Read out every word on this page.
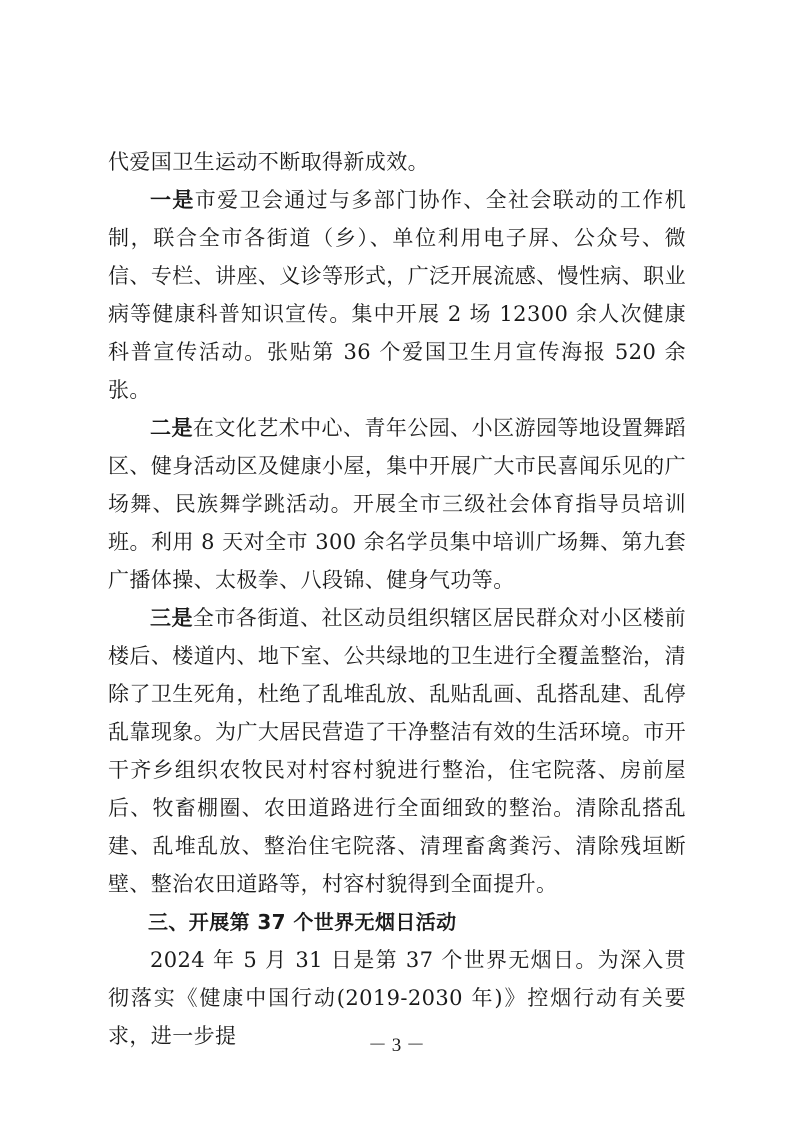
代爱国卫生运动不断取得新成效。

一是市爱卫会通过与多部门协作、全社会联动的工作机制，联合全市各街道（乡）、单位利用电子屏、公众号、微信、专栏、讲座、义诊等形式，广泛开展流感、慢性病、职业病等健康科普知识宣传。集中开展 2 场 12300 余人次健康科普宣传活动。张贴第 36 个爱国卫生月宣传海报 520 余张。

二是在文化艺术中心、青年公园、小区游园等地设置舞蹈区、健身活动区及健康小屋，集中开展广大市民喜闻乐见的广场舞、民族舞学跳活动。开展全市三级社会体育指导员培训班。利用 8 天对全市 300 余名学员集中培训广场舞、第九套广播体操、太极拳、八段锦、健身气功等。

三是全市各街道、社区动员组织辖区居民群众对小区楼前楼后、楼道内、地下室、公共绿地的卫生进行全覆盖整治，清除了卫生死角，杜绝了乱堆乱放、乱贴乱画、乱搭乱建、乱停乱靠现象。为广大居民营造了干净整洁有效的生活环境。市开干齐乡组织农牧民对村容村貌进行整治，住宅院落、房前屋后、牧畜棚圈、农田道路进行全面细致的整治。清除乱搭乱建、乱堆乱放、整治住宅院落、清理畜禽粪污、清除残垣断壁、整治农田道路等，村容村貌得到全面提升。

三、开展第 37 个世界无烟日活动

2024 年 5 月 31 日是第 37 个世界无烟日。为深入贯彻落实《健康中国行动(2019-2030 年)》控烟行动有关要求，进一步提	－ 3 －
